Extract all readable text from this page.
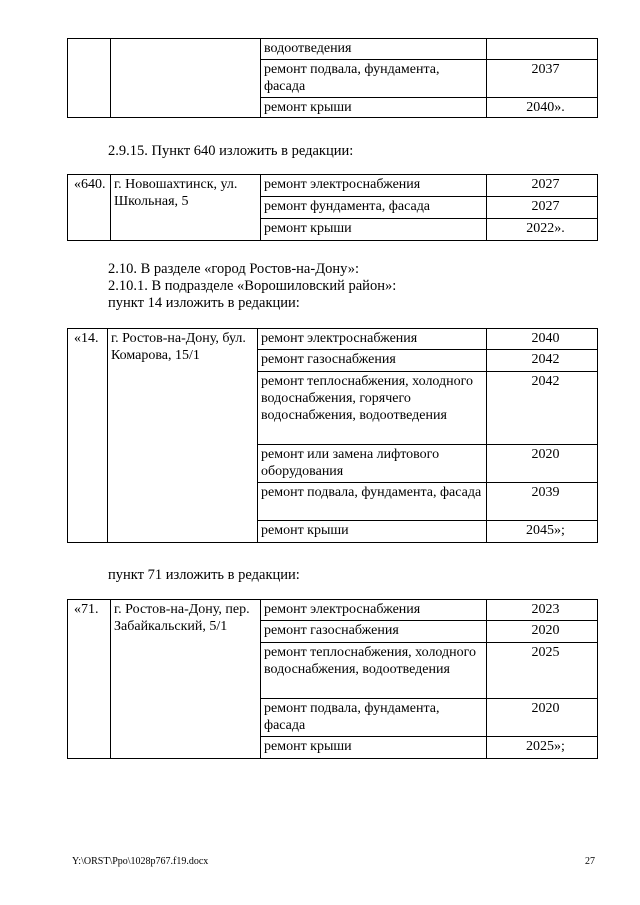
		водоотведения	
		ремонт подвала, фундамента, фасада	2037
		ремонт крыши	2040».
2.9.15. Пункт 640 изложить в редакции:
«640.	г. Новошахтинск, ул. Школьная, 5	ремонт электроснабжения	2027
		ремонт фундамента, фасада	2027
		ремонт крыши	2022».
2.10. В разделе «город Ростов-на-Дону»:
2.10.1. В подразделе «Ворошиловский район»:
пункт 14 изложить в редакции:
«14.	г. Ростов-на-Дону, бул. Комарова, 15/1	ремонт электроснабжения	2040
		ремонт газоснабжения	2042
		ремонт теплоснабжения, холодного водоснабжения, горячего водоснабжения, водоотведения	2042
		ремонт или замена лифтового оборудования	2020
		ремонт подвала, фундамента, фасада	2039
		ремонт крыши	2045»;
пункт 71 изложить в редакции:
«71.	г. Ростов-на-Дону, пер. Забайкальский, 5/1	ремонт электроснабжения	2023
		ремонт газоснабжения	2020
		ремонт теплоснабжения, холодного водоснабжения, водоотведения	2025
		ремонт подвала, фундамента, фасада	2020
		ремонт крыши	2025»;
Y:\ORST\Ppo\1028p767.f19.docx	27
